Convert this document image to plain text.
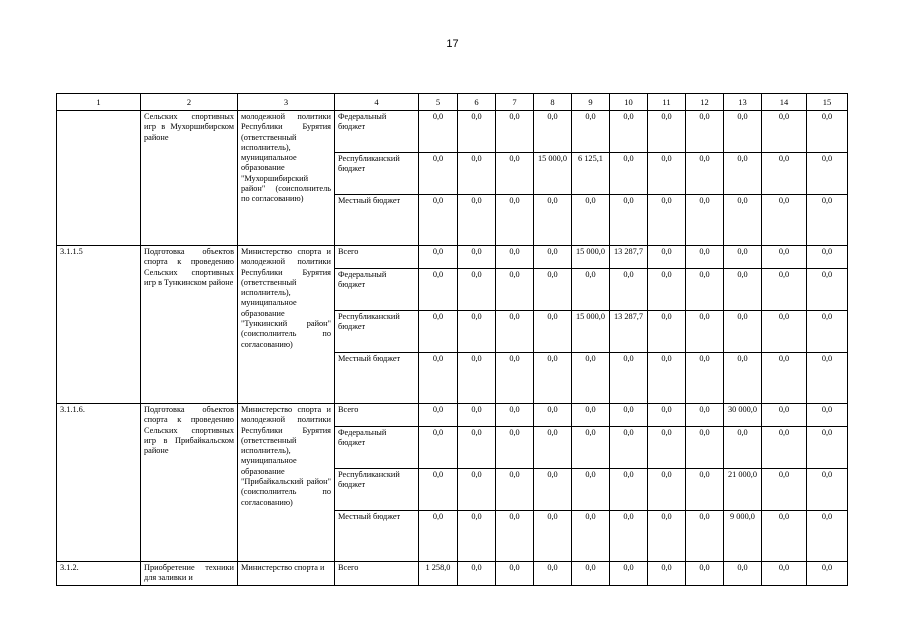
17
1	2	3	4	5	6	7	8	9	10	11	12	13	14	15
	Сельских спортивных игр в Мухоршибирском районе	молодежной политики Республики Бурятия (ответственный исполнитель), муниципальное образование "Мухоршибирский район" (соисполнитель по согласованию)	Федеральный бюджет	0,0	0,0	0,0	0,0	0,0	0,0	0,0	0,0	0,0	0,0	0,0
			Республиканский бюджет	0,0	0,0	0,0	15 000,0	6 125,1	0,0	0,0	0,0	0,0	0,0	0,0
			Местный бюджет	0,0	0,0	0,0	0,0	0,0	0,0	0,0	0,0	0,0	0,0	0,0
3.1.1.5	Подготовка объектов спорта к проведению Сельских спортивных игр в Тункинском районе	Министерство спорта и молодежной политики Республики Бурятия (ответственный исполнитель), муниципальное образование "Тункинский район" (соисполнитель по согласованию)	Всего	0,0	0,0	0,0	0,0	15 000,0	13 287,7	0,0	0,0	0,0	0,0	0,0
			Федеральный бюджет	0,0	0,0	0,0	0,0	0,0	0,0	0,0	0,0	0,0	0,0	0,0
			Республиканский бюджет	0,0	0,0	0,0	0,0	15 000,0	13 287,7	0,0	0,0	0,0	0,0	0,0
			Местный бюджет	0,0	0,0	0,0	0,0	0,0	0,0	0,0	0,0	0,0	0,0	0,0
3.1.1.6.	Подготовка объектов спорта к проведению Сельских спортивных игр в Прибайкальском районе	Министерство спорта и молодежной политики Республики Бурятия (ответственный исполнитель), муниципальное образование "Прибайкальский район" (соисполнитель по согласованию)	Всего	0,0	0,0	0,0	0,0	0,0	0,0	0,0	0,0	30 000,0	0,0	0,0
			Федеральный бюджет	0,0	0,0	0,0	0,0	0,0	0,0	0,0	0,0	0,0	0,0	0,0
			Республиканский бюджет	0,0	0,0	0,0	0,0	0,0	0,0	0,0	0,0	21 000,0	0,0	0,0
			Местный бюджет	0,0	0,0	0,0	0,0	0,0	0,0	0,0	0,0	9 000,0	0,0	0,0
3.1.2.	Приобретение техники для заливки и	Министерство спорта и	Всего	1 258,0	0,0	0,0	0,0	0,0	0,0	0,0	0,0	0,0	0,0	0,0
